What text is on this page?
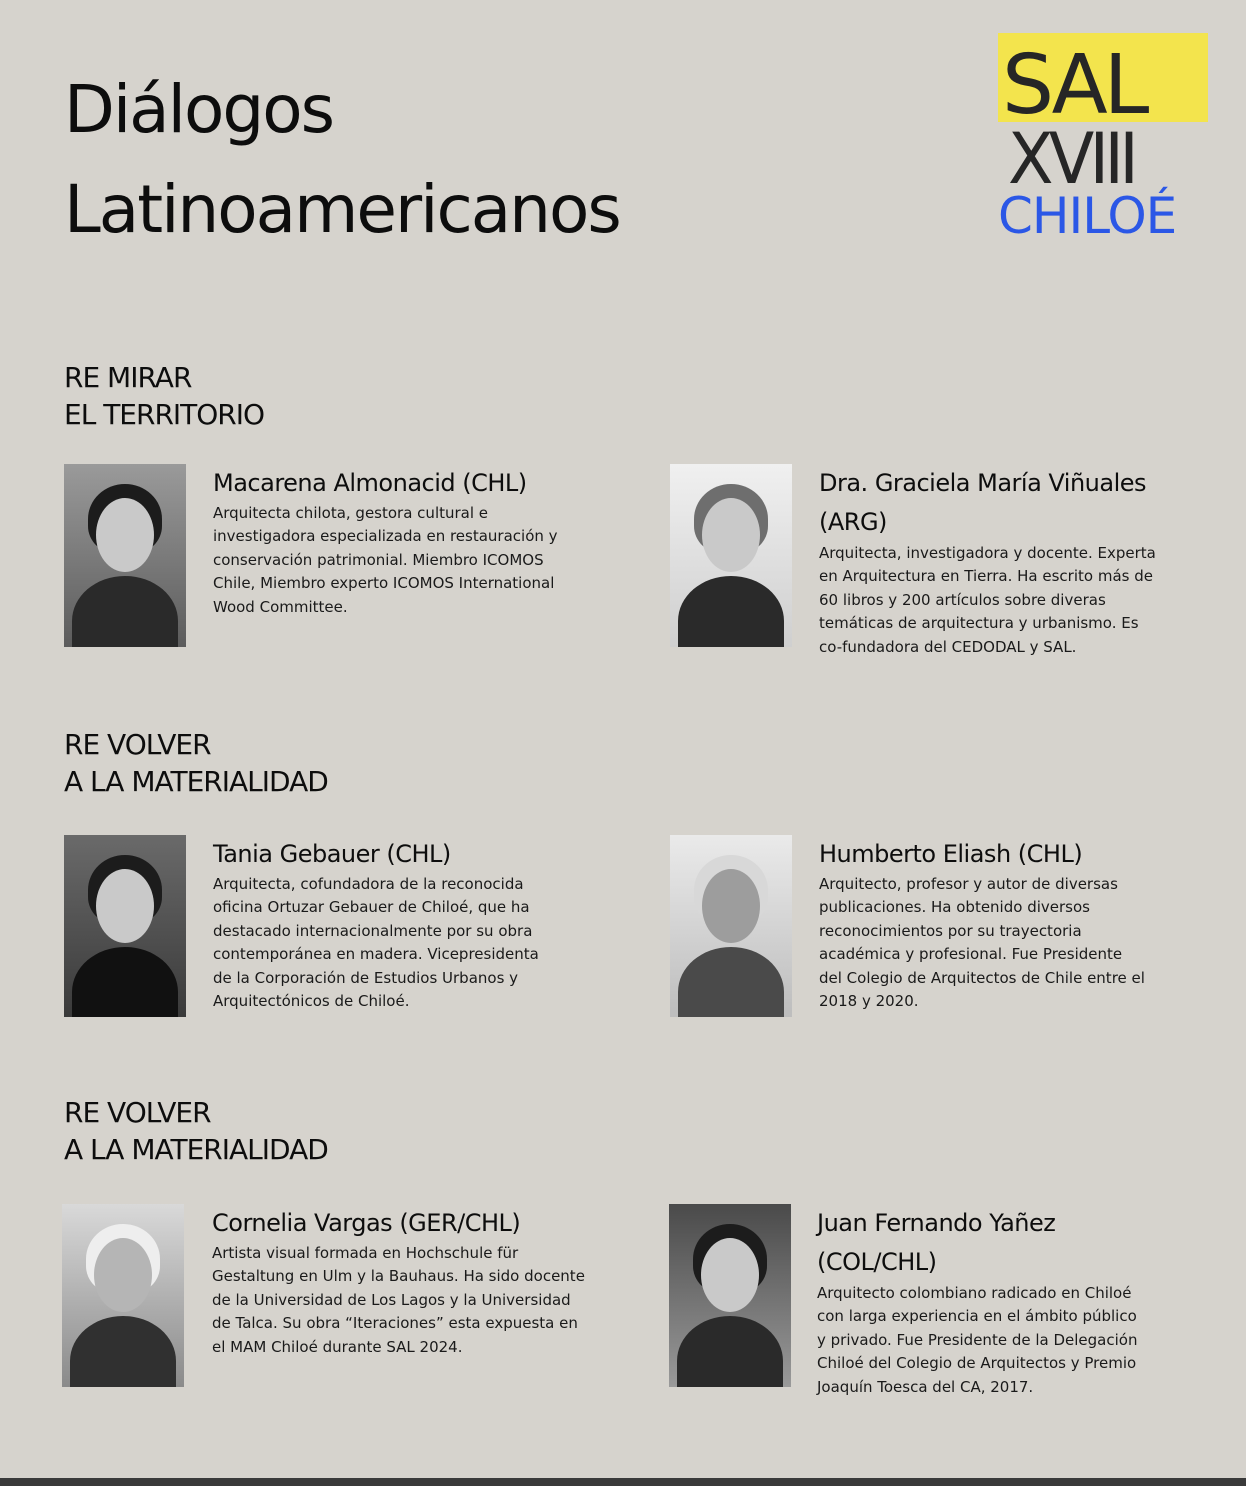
Diálogos
Latinoamericanos
SAL
XVIII
CHILOÉ
RE MIRAR
EL TERRITORIO
Macarena Almonacid (CHL)

Arquitecta chilota, gestora cultural e investigadora especializada en restauración y conservación patrimonial. Miembro ICOMOS Chile, Miembro experto ICOMOS International Wood Committee.

Dra. Graciela María Viñuales (ARG)

Arquitecta, investigadora y docente. Experta en Arquitectura en Tierra. Ha escrito más de 60 libros y 200 artículos sobre diveras temáticas de arquitectura y urbanismo. Es co-fundadora del CEDODAL y SAL.

RE VOLVER
A LA MATERIALIDAD
Tania Gebauer (CHL)

Arquitecta, cofundadora de la reconocida oficina Ortuzar Gebauer de Chiloé, que ha destacado internacionalmente por su obra contemporánea en madera. Vicepresidenta de la Corporación de Estudios Urbanos y Arquitectónicos de Chiloé.

Humberto Eliash (CHL)

Arquitecto, profesor y autor de diversas publicaciones. Ha obtenido diversos reconocimientos por su trayectoria académica y profesional. Fue Presidente del Colegio de Arquitectos de Chile entre el 2018 y 2020.

RE VOLVER
A LA MATERIALIDAD
Cornelia Vargas (GER/CHL)

Artista visual formada en Hochschule für Gestaltung en Ulm y la Bauhaus. Ha sido docente de la Universidad de Los Lagos y la Universidad de Talca. Su obra “Iteraciones” esta expuesta en el MAM Chiloé durante SAL 2024.

Juan Fernando Yañez (COL/CHL)

Arquitecto colombiano radicado en Chiloé con larga experiencia en el ámbito público y privado. Fue Presidente de la Delegación Chiloé del Colegio de Arquitectos y Premio Joaquín Toesca del CA, 2017.
